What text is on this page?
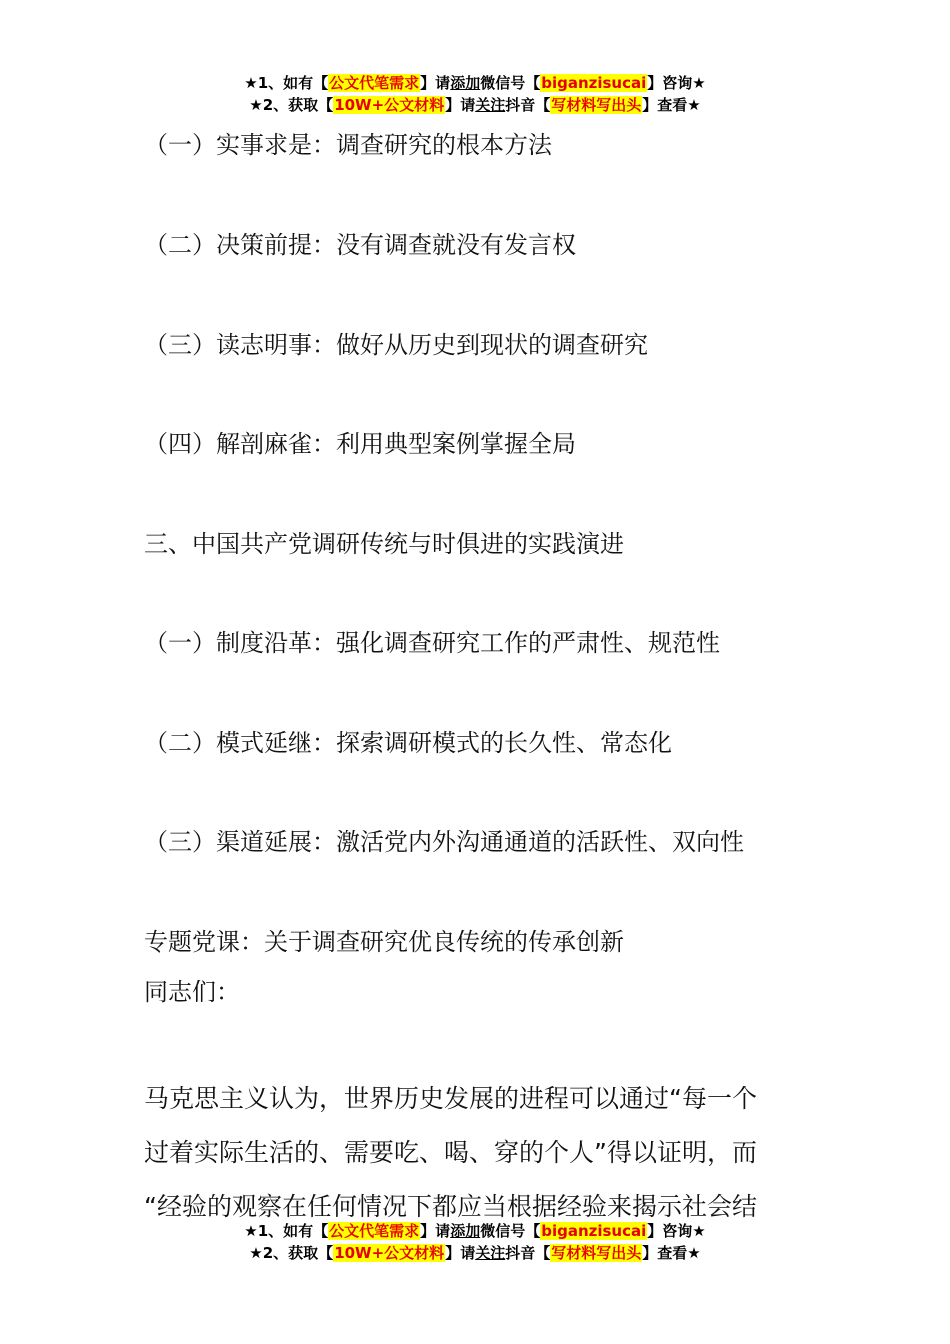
★1、如有【公文代笔需求】请添加微信号【biganzisucai】咨询★
★2、获取【10W+公文材料】请关注抖音【写材料写出头】查看★
（一）实事求是：调查研究的根本方法
（二）决策前提：没有调查就没有发言权
（三）读志明事：做好从历史到现状的调查研究
（四）解剖麻雀：利用典型案例掌握全局
三、中国共产党调研传统与时俱进的实践演进
（一）制度沿革：强化调查研究工作的严肃性、规范性
（二）模式延继：探索调研模式的长久性、常态化
（三）渠道延展：激活党内外沟通通道的活跃性、双向性
专题党课：关于调查研究优良传统的传承创新
同志们：
马克思主义认为，世界历史发展的进程可以通过“每一个
过着实际生活的、需要吃、喝、穿的个人”得以证明，而
“经验的观察在任何情况下都应当根据经验来揭示社会结
★1、如有【公文代笔需求】请添加微信号【biganzisucai】咨询★
★2、获取【10W+公文材料】请关注抖音【写材料写出头】查看★
